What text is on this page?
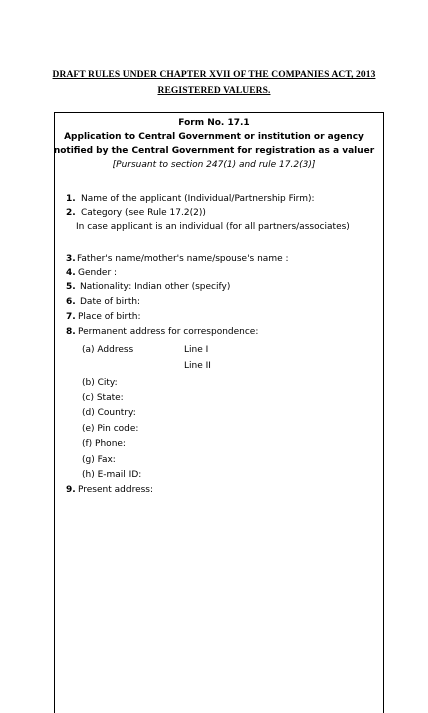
DRAFT RULES UNDER CHAPTER XVII OF THE COMPANIES ACT, 2013
REGISTERED VALUERS.
Form No. 17.1
Application to Central Government or institution or agency
notified by the Central Government for registration as a valuer
[Pursuant to section 247(1) and rule 17.2(3)]
1. Name of the applicant (Individual/Partnership Firm):
2. Category (see Rule 17.2(2))
In case applicant is an individual (for all partners/associates)
3. Father's name/mother's name/spouse's name :
4. Gender :
5. Nationality: Indian other (specify)
6. Date of birth:
7. Place of birth:
8. Permanent address for correspondence:
(a) Address	Line I
Line II
(b) City:
(c) State:
(d) Country:
(e) Pin code:
(f) Phone:
(g) Fax:
(h) E-mail ID:
9. Present address:
